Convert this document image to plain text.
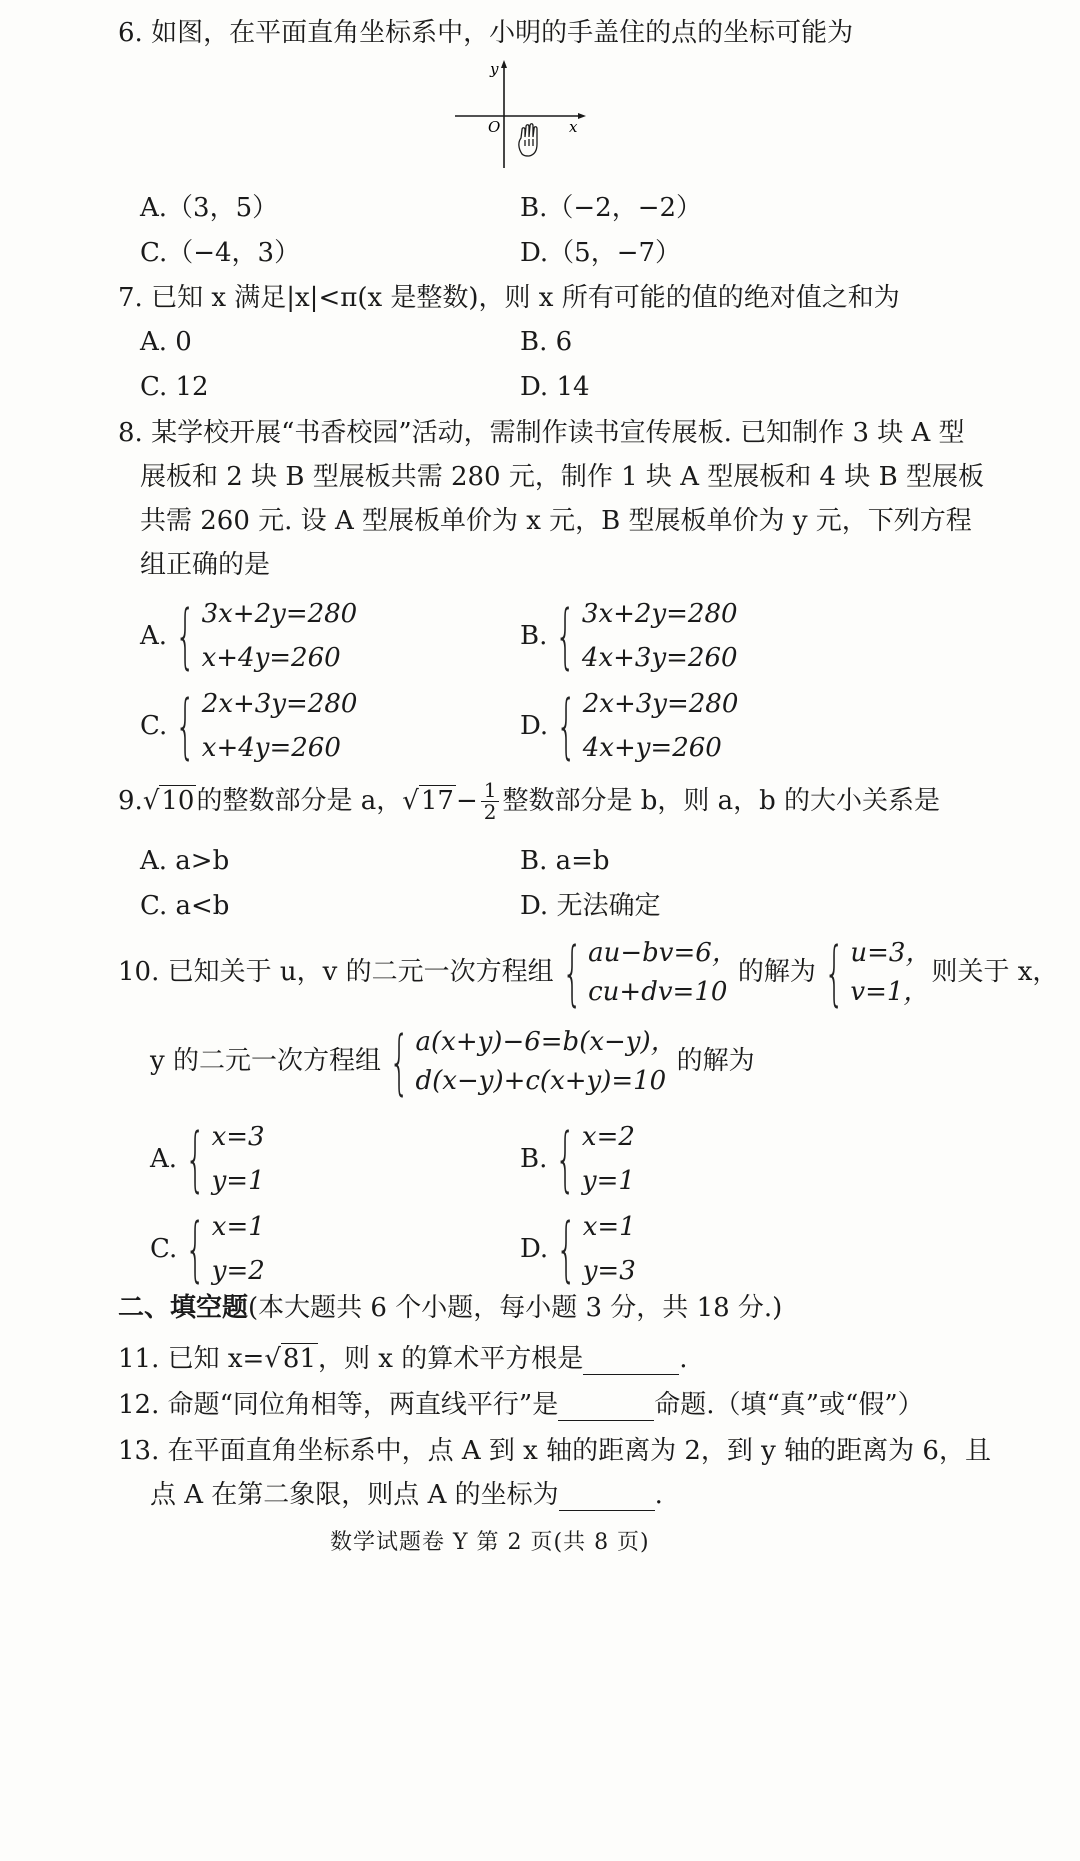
6. 如图，在平面直角坐标系中，小明的手盖住的点的坐标可能为
x
y
O
A.（3，5）	B.（−2，−2）
C.（−4，3）	D.（5，−7）
7. 已知 x 满足|x|<π(x 是整数)，则 x 所有可能的值的绝对值之和为
A. 0	B. 6
C. 12	D. 14
8. 某学校开展“书香校园”活动，需制作读书宣传展板. 已知制作 3 块 A 型
展板和 2 块 B 型展板共需 280 元，制作 1 块 A 型展板和 4 块 B 型展板
共需 260 元. 设 A 型展板单价为 x 元，B 型展板单价为 y 元，下列方程
组正确的是
A. { 3x+2y=280
x+4y=260
B. { 3x+2y=280
4x+3y=260
C. { 2x+3y=280
x+4y=260
D. { 2x+3y=280
4x+y=260
9. √10 的整数部分是 a， $√17 - \frac{1}{2}$ 整数部分是 b，则 a，b 的大小关系是
A. a>b	B. a=b
C. a<b	D. 无法确定
10. 已知关于 u，v 的二元一次方程组 { au−bv=6，
cu+dv=10
的解为 { u=3，
v=1，
则关于 x，
y 的二元一次方程组 { a(x+y)−6=b(x−y)，
d(x−y)+c(x+y)=10
的解为
A. { x=3
y=1
B. { x=2
y=1
C. { x=1
y=2
D. { x=1
y=3
二、填空题(本大题共 6 个小题，每小题 3 分，共 18 分.)
11. 已知 x= √81 ，则 x 的算术平方根是	.
12. 命题“同位角相等，两直线平行”是	命题.（填“真”或“假”）
13. 在平面直角坐标系中，点 A 到 x 轴的距离为 2，到 y 轴的距离为 6，且
点 A 在第二象限，则点 A 的坐标为	.
数学试题卷 Y 第 2 页(共 8 页)
